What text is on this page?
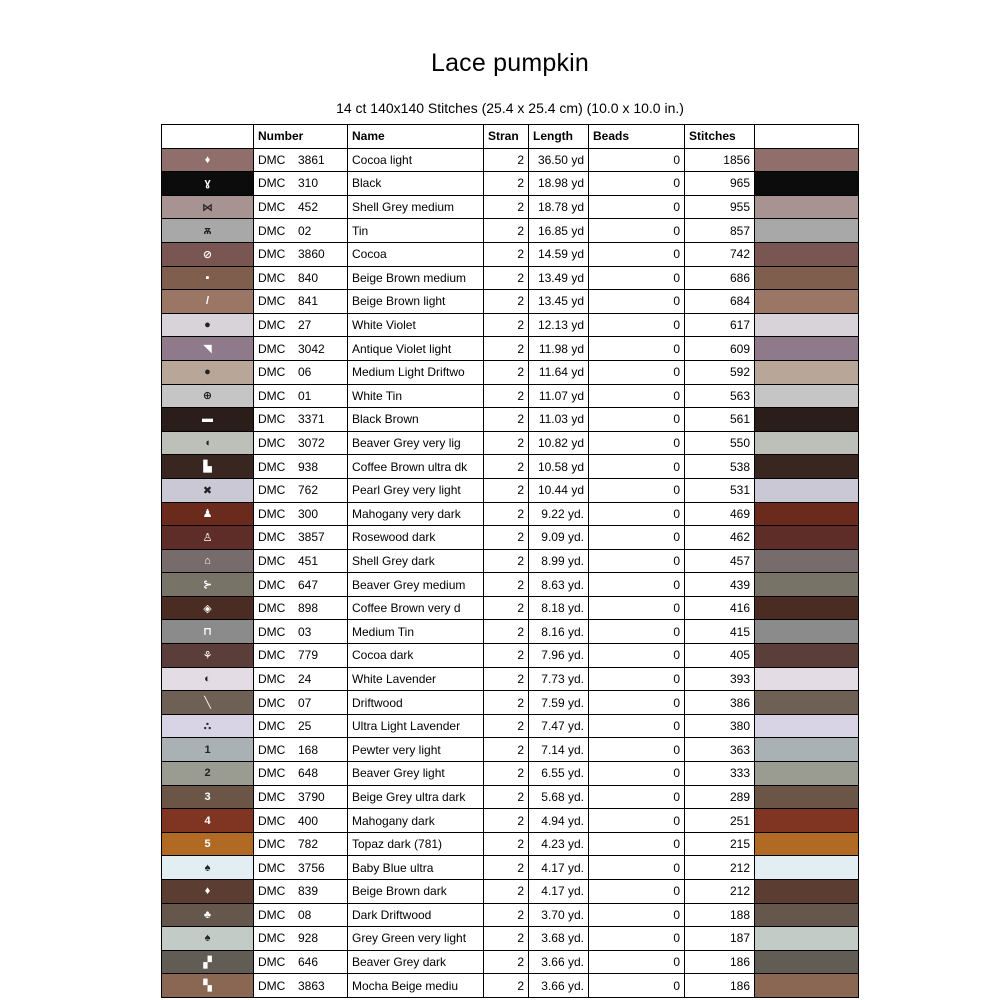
Lace pumpkin
14 ct 140x140 Stitches (25.4 x 25.4 cm) (10.0 x 10.0 in.)
	Number	Name	Stran	Length	Beads	Stitches	
♦	DMC 3861	Cocoa light	2	36.50 yd	0	1856	
ɣ	DMC 310	Black	2	18.98 yd	0	965	
⋈	DMC 452	Shell Grey medium	2	18.78 yd	0	955	
ѫ	DMC 02	Tin	2	16.85 yd	0	857	
⊘	DMC 3860	Cocoa	2	14.59 yd	0	742	
▪	DMC 840	Beige Brown medium	2	13.49 yd	0	686	
/	DMC 841	Beige Brown light	2	13.45 yd	0	684	
●	DMC 27	White Violet	2	12.13 yd	0	617	
◥	DMC 3042	Antique Violet light	2	11.98 yd	0	609	
●	DMC 06	Medium Light Driftwo	2	11.64 yd	0	592	
⊕	DMC 01	White Tin	2	11.07 yd	0	563	
▬	DMC 3371	Black Brown	2	11.03 yd	0	561	
◖	DMC 3072	Beaver Grey very lig	2	10.82 yd	0	550	
▙	DMC 938	Coffee Brown ultra dk	2	10.58 yd	0	538	
✖	DMC 762	Pearl Grey very light	2	10.44 yd	0	531	
♟	DMC 300	Mahogany very dark	2	9.22 yd.	0	469	
♙	DMC 3857	Rosewood dark	2	9.09 yd.	0	462	
⌂	DMC 451	Shell Grey dark	2	8.99 yd.	0	457	
⊱	DMC 647	Beaver Grey medium	2	8.63 yd.	0	439	
◈	DMC 898	Coffee Brown very d	2	8.18 yd.	0	416	
⊓	DMC 03	Medium Tin	2	8.16 yd.	0	415	
⚘	DMC 779	Cocoa dark	2	7.96 yd.	0	405	
◐	DMC 24	White Lavender	2	7.73 yd.	0	393	
╲	DMC 07	Driftwood	2	7.59 yd.	0	386	
∴	DMC 25	Ultra Light Lavender	2	7.47 yd.	0	380	
1	DMC 168	Pewter very light	2	7.14 yd.	0	363	
2	DMC 648	Beaver Grey light	2	6.55 yd.	0	333	
3	DMC 3790	Beige Grey ultra dark	2	5.68 yd.	0	289	
4	DMC 400	Mahogany dark	2	4.94 yd.	0	251	
5	DMC 782	Topaz dark (781)	2	4.23 yd.	0	215	
♠	DMC 3756	Baby Blue ultra	2	4.17 yd.	0	212	
♦	DMC 839	Beige Brown dark	2	4.17 yd.	0	212	
♣	DMC 08	Dark Driftwood	2	3.70 yd.	0	188	
♠	DMC 928	Grey Green very light	2	3.68 yd.	0	187	
▞	DMC 646	Beaver Grey dark	2	3.66 yd.	0	186	
▚	DMC 3863	Mocha Beige mediu	2	3.66 yd.	0	186	
